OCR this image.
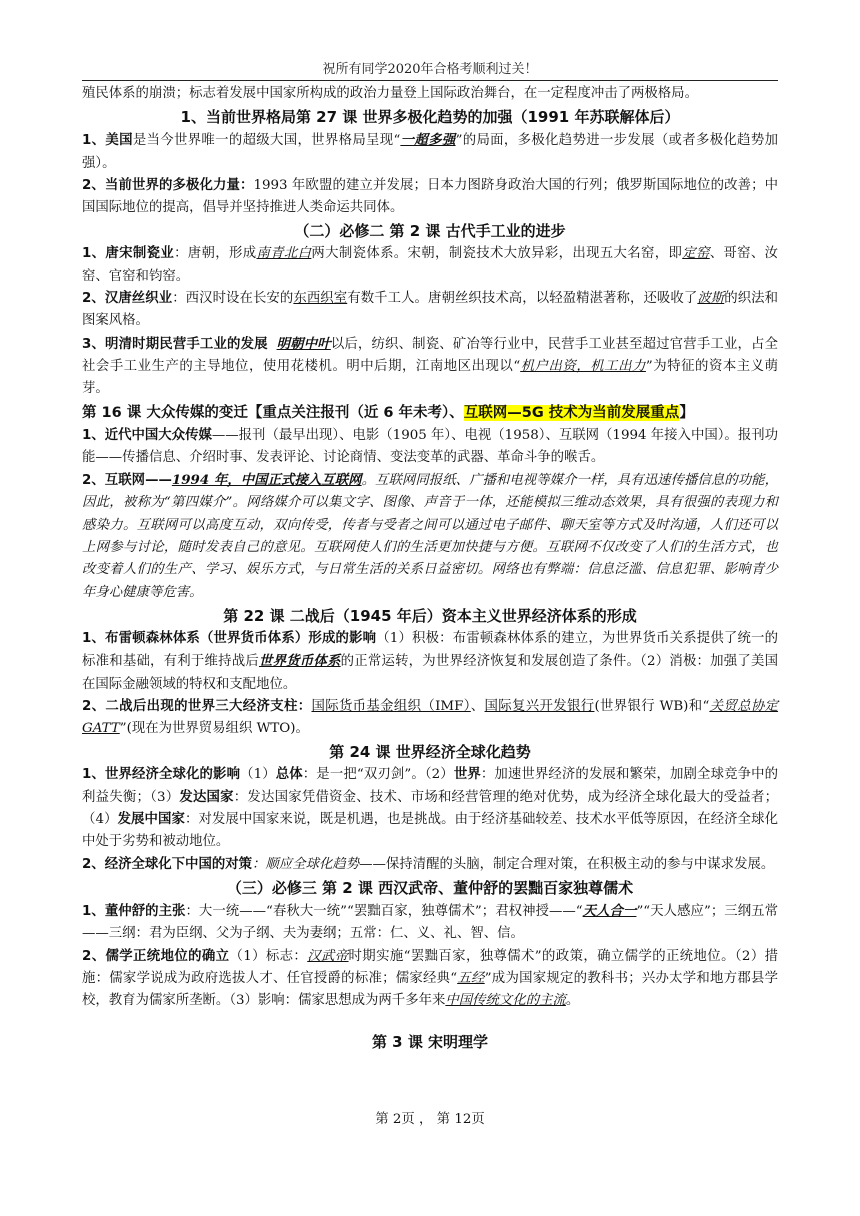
祝所有同学2020年合格考顺利过关！

殖民体系的崩溃；标志着发展中国家所构成的政治力量登上国际政治舞台，在一定程度冲击了两极格局。

1、当前世界格局第 27 课 世界多极化趋势的加强（1991 年苏联解体后）

1、美国是当今世界唯一的超级大国，世界格局呈现“一超多强”的局面，多极化趋势进一步发展（或者多极化趋势加强）。

2、当前世界的多极化力量：1993 年欧盟的建立并发展；日本力图跻身政治大国的行列；俄罗斯国际地位的改善；中国国际地位的提高，倡导并坚持推进人类命运共同体。

（二）必修二 第 2 课 古代手工业的进步

1、唐宋制瓷业：唐朝，形成南青北白两大制瓷体系。宋朝，制瓷技术大放异彩，出现五大名窑，即定窑、哥窑、汝窑、官窑和钧窑。

2、汉唐丝织业：西汉时设在长安的东西织室有数千工人。唐朝丝织技术高，以轻盈精湛著称，还吸收了波斯的织法和图案风格。

3、明清时期民营手工业的发展 明朝中叶以后，纺织、制瓷、矿冶等行业中，民营手工业甚至超过官营手工业，占全社会手工业生产的主导地位，使用花楼机。明中后期，江南地区出现以“机户出资，机工出力”为特征的资本主义萌芽。

第 16 课 大众传媒的变迁【重点关注报刊（近 6 年未考）、互联网—5G 技术为当前发展重点】

1、近代中国大众传媒——报刊（最早出现）、电影（1905 年）、电视（1958）、互联网（1994 年接入中国）。报刊功能——传播信息、介绍时事、发表评论、讨论商情、变法变革的武器、革命斗争的喉舌。

2、互联网——1994 年，中国正式接入互联网。互联网同报纸、广播和电视等媒介一样，具有迅速传播信息的功能，因此，被称为“第四媒介”。网络媒介可以集文字、图像、声音于一体，还能模拟三维动态效果，具有很强的表现力和感染力。互联网可以高度互动，双向传受，传者与受者之间可以通过电子邮件、聊天室等方式及时沟通，人们还可以上网参与讨论，随时发表自己的意见。互联网使人们的生活更加快捷与方便。互联网不仅改变了人们的生活方式，也改变着人们的生产、学习、娱乐方式，与日常生活的关系日益密切。网络也有弊端：信息泛滥、信息犯罪、影响青少年身心健康等危害。

第 22 课 二战后（1945 年后）资本主义世界经济体系的形成

1、布雷顿森林体系（世界货币体系）形成的影响（1）积极：布雷顿森林体系的建立，为世界货币关系提供了统一的标准和基础，有利于维持战后世界货币体系的正常运转，为世界经济恢复和发展创造了条件。（2）消极：加强了美国在国际金融领域的特权和支配地位。

2、二战后出现的世界三大经济支柱：国际货币基金组织（IMF）、国际复兴开发银行(世界银行 WB)和“关贸总协定 GATT”(现在为世界贸易组织 WTO)。

第 24 课 世界经济全球化趋势

1、世界经济全球化的影响（1）总体：是一把“双刃剑”。（2）世界：加速世界经济的发展和繁荣，加剧全球竞争中的利益失衡；（3）发达国家：发达国家凭借资金、技术、市场和经营管理的绝对优势，成为经济全球化最大的受益者；（4）发展中国家：对发展中国家来说，既是机遇，也是挑战。由于经济基础较差、技术水平低等原因，在经济全球化中处于劣势和被动地位。

2、经济全球化下中国的对策：顺应全球化趋势——保持清醒的头脑，制定合理对策，在积极主动的参与中谋求发展。

（三）必修三 第 2 课 西汉武帝、董仲舒的罢黜百家独尊儒术

1、董仲舒的主张：大一统——“春秋大一统”“罢黜百家，独尊儒术”；君权神授——“天人合一”“天人感应”；三纲五常——三纲：君为臣纲、父为子纲、夫为妻纲；五常：仁、义、礼、智、信。

2、儒学正统地位的确立（1）标志：汉武帝时期实施“罢黜百家，独尊儒术”的政策，确立儒学的正统地位。（2）措施：儒家学说成为政府选拔人才、任官授爵的标准；儒家经典“五经”成为国家规定的教科书；兴办太学和地方郡县学校，教育为儒家所垄断。（3）影响：儒家思想成为两千多年来中国传统文化的主流。

第 3 课 宋明理学

第 2页 ， 第 12页
